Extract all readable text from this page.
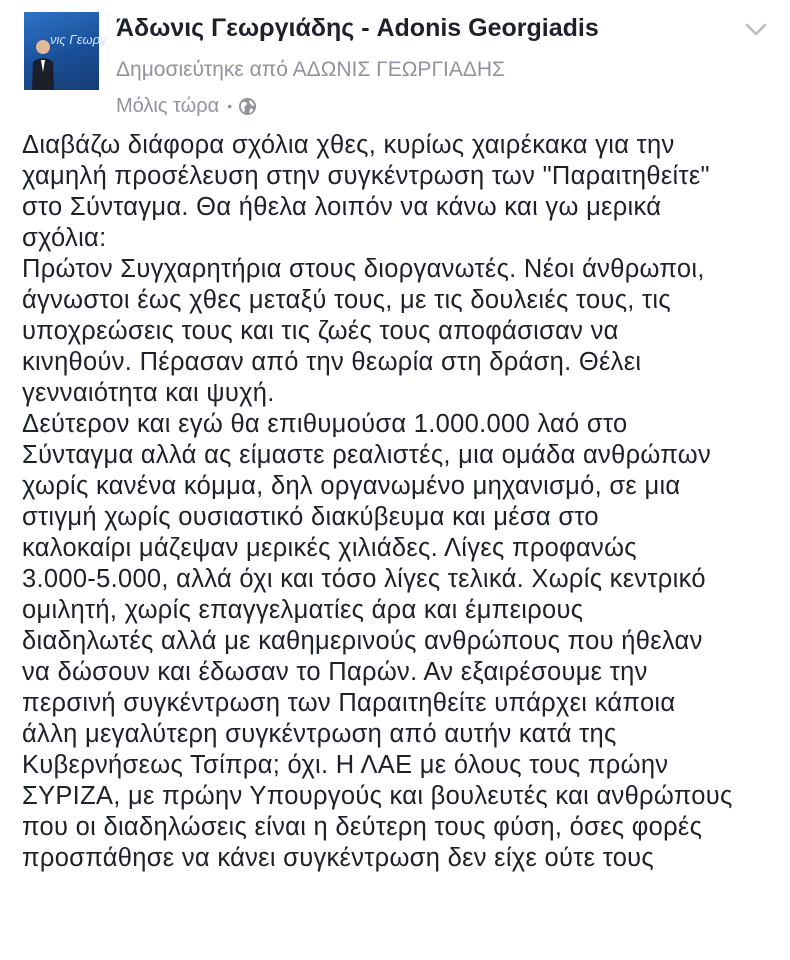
νις Γεωργ Άδωνις Γεωργιάδης - Adonis Georgiadis
Δημοσιεύτηκε από ΑΔΩΝΙΣ ΓΕΩΡΓΙΑΔΗΣ
Μόλις τώρα •
Διαβάζω διάφορα σχόλια χθες, κυρίως χαιρέκακα για την
χαμηλή προσέλευση στην συγκέντρωση των "Παραιτηθείτε"
στο Σύνταγμα. Θα ήθελα λοιπόν να κάνω και γω μερικά
σχόλια:
Πρώτον Συγχαρητήρια στους διοργανωτές. Νέοι άνθρωποι,
άγνωστοι έως χθες μεταξύ τους, με τις δουλειές τους, τις
υποχρεώσεις τους και τις ζωές τους αποφάσισαν να
κινηθούν. Πέρασαν από την θεωρία στη δράση. Θέλει
γενναιότητα και ψυχή.
Δεύτερον και εγώ θα επιθυμούσα 1.000.000 λαό στο
Σύνταγμα αλλά ας είμαστε ρεαλιστές, μια ομάδα ανθρώπων
χωρίς κανένα κόμμα, δηλ οργανωμένο μηχανισμό, σε μια
στιγμή χωρίς ουσιαστικό διακύβευμα και μέσα στο
καλοκαίρι μάζεψαν μερικές χιλιάδες. Λίγες προφανώς
3.000-5.000, αλλά όχι και τόσο λίγες τελικά. Χωρίς κεντρικό
ομιλητή, χωρίς επαγγελματίες άρα και έμπειρους
διαδηλωτές αλλά με καθημερινούς ανθρώπους που ήθελαν
να δώσουν και έδωσαν το Παρών. Αν εξαιρέσουμε την
περσινή συγκέντρωση των Παραιτηθείτε υπάρχει κάποια
άλλη μεγαλύτερη συγκέντρωση από αυτήν κατά της
Κυβερνήσεως Τσίπρα; όχι. Η ΛΑΕ με όλους τους πρώην
ΣΥΡΙΖΑ, με πρώην Υπουργούς και βουλευτές και ανθρώπους
που οι διαδηλώσεις είναι η δεύτερη τους φύση, όσες φορές
προσπάθησε να κάνει συγκέντρωση δεν είχε ούτε τους
